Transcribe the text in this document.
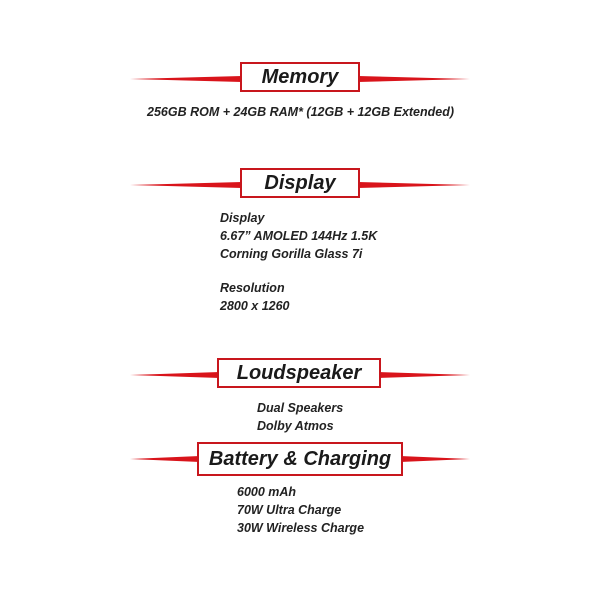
Memory
256GB ROM + 24GB RAM* (12GB + 12GB Extended)
Display
Display
6.67” AMOLED 144Hz 1.5K
Corning Gorilla Glass 7i
Resolution
2800 x 1260
Loudspeaker
Dual Speakers
Dolby Atmos
Battery & Charging
6000 mAh
70W Ultra Charge
30W Wireless Charge
